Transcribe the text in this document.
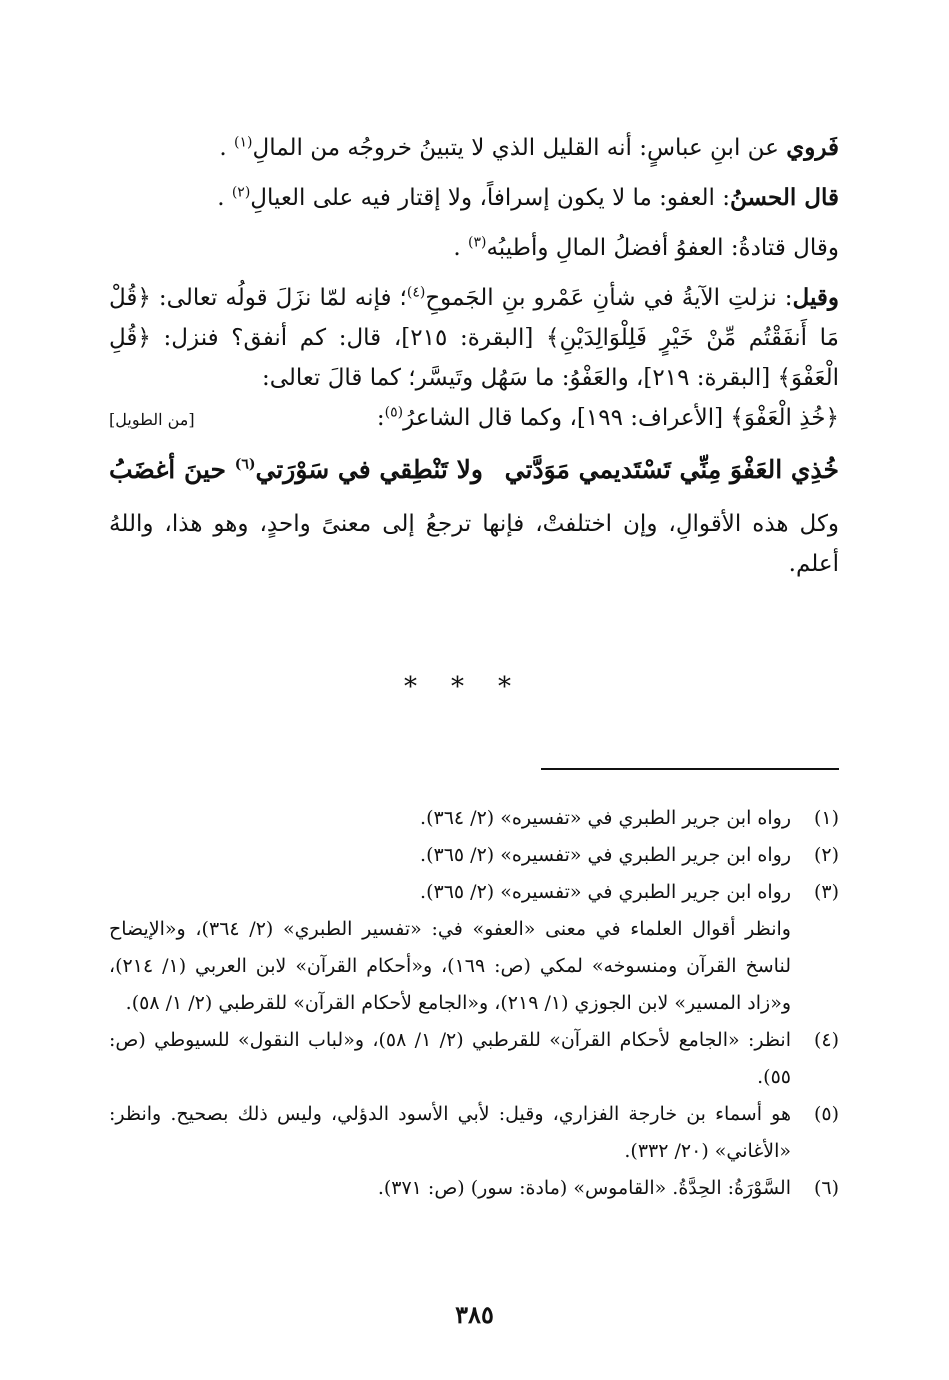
فَروي عن ابنِ عباسٍ: أنه القليل الذي لا يتبينُ خروجُه من المالِ$^{(١)}$ .

قال الحسنُ: العفو: ما لا يكون إسرافاً، ولا إقتار فيه على العيالِ$^{(٢)}$ .

وقال قتادةُ: العفوُ أفضلُ المالِ وأطيبُه$^{(٣)}$ .

وقيل: نزلتِ الآيةُ في شأنِ عَمْرو بنِ الجَموحِ$^{(٤)}$؛ فإنه لمّا نزَلَ قولُه تعالى: ﴿قُلْ مَا أَنفَقْتُم مِّنْ خَيْرٍ فَلِلْوَالِدَيْنِ﴾ [البقرة: ٢١٥]، قال: كم أنفق؟ فنزل: ﴿قُلِ الْعَفْوَ﴾ [البقرة: ٢١٩]، والعَفْوُ: ما سَهُل وتَيسَّر؛ كما قالَ تعالى:
﴿خُذِ الْعَفْوَ﴾ [الأعراف: ١٩٩]، وكما قال الشاعرُ$^{(٥)}$:
[من الطويل]
خُذِي العَفْوَ مِنِّي تَسْتَديمي مَوَدَّتي
ولا تَنْطِقي في سَوْرَتي$^{(٦)}$ حينَ أغضَبُ

وكل هذه الأقوالِ، وإن اختلفتْ، فإنها ترجعُ إلى معنىً واحدٍ، وهو هذا، واللهُ أعلم.

***
(١)
رواه ابن جرير الطبري في «تفسيره» (٢/ ٣٦٤).
(٢)
رواه ابن جرير الطبري في «تفسيره» (٢/ ٣٦٥).
(٣)
رواه ابن جرير الطبري في «تفسيره» (٢/ ٣٦٥).
وانظر أقوال العلماء في معنى «العفو» في: «تفسير الطبري» (٢/ ٣٦٤)، و«الإيضاح لناسخ القرآن ومنسوخه» لمكي (ص: ١٦٩)، و«أحكام القرآن» لابن العربي (١/ ٢١٤)، و«زاد المسير» لابن الجوزي (١/ ٢١٩)، و«الجامع لأحكام القرآن» للقرطبي (٢/ ١/ ٥٨).
(٤)
انظر: «الجامع لأحكام القرآن» للقرطبي (٢/ ١/ ٥٨)، و«لباب النقول» للسيوطي (ص: ٥٥).
(٥)
هو أسماء بن خارجة الفزاري، وقيل: لأبي الأسود الدؤلي، وليس ذلك بصحيح. وانظر: «الأغاني» (٢٠/ ٣٣٢).
(٦)
السَّوْرَةُ: الحِدَّةُ. «القاموس» (مادة: سور) (ص: ٣٧١).
٣٨٥
